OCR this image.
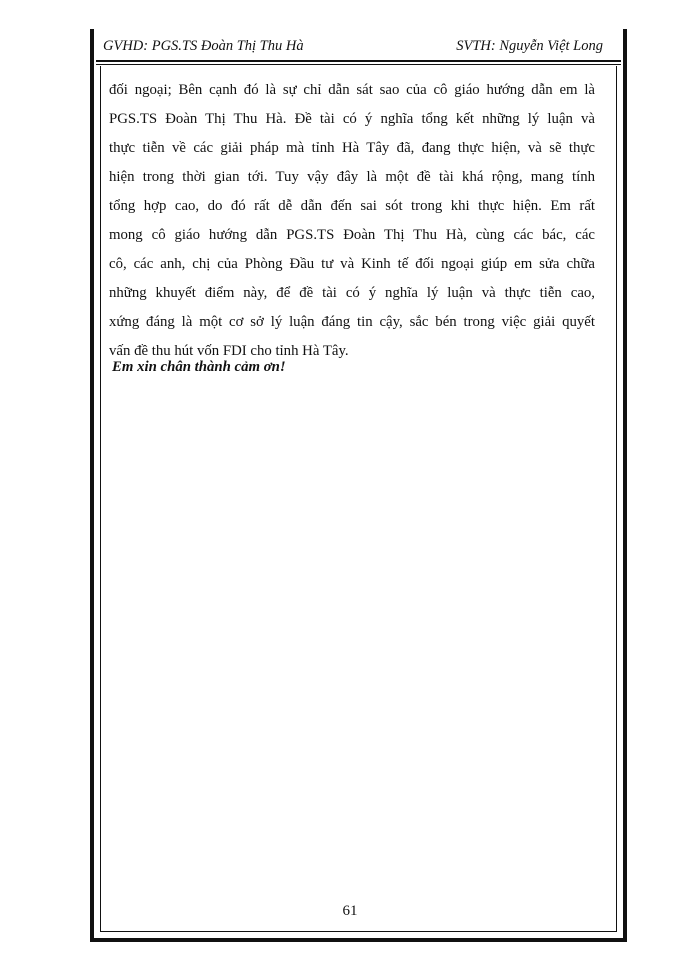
GVHD: PGS.TS Đoàn Thị Thu Hà	SVTH: Nguyễn Việt Long
đối ngoại; Bên cạnh đó là sự chỉ dẫn sát sao của cô giáo hướng dẫn em là
PGS.TS Đoàn Thị Thu Hà. Đề tài có ý nghĩa tổng kết những lý luận và
thực tiễn về các giải pháp mà tỉnh Hà Tây đã, đang thực hiện, và sẽ thực
hiện trong thời gian tới. Tuy vậy đây là một đề tài khá rộng, mang tính
tổng hợp cao, do đó rất dễ dẫn đến sai sót trong khi thực hiện. Em rất
mong cô giáo hướng dẫn PGS.TS Đoàn Thị Thu Hà, cùng các bác, các
cô, các anh, chị của Phòng Đầu tư và Kinh tế đối ngoại giúp em sửa chữa
những khuyết điểm này, để đề tài có ý nghĩa lý luận và thực tiễn cao,
xứng đáng là một cơ sở lý luận đáng tin cậy, sắc bén trong việc giải quyết
vấn đề thu hút vốn FDI cho tỉnh Hà Tây.
Em xin chân thành cảm ơn!
61
